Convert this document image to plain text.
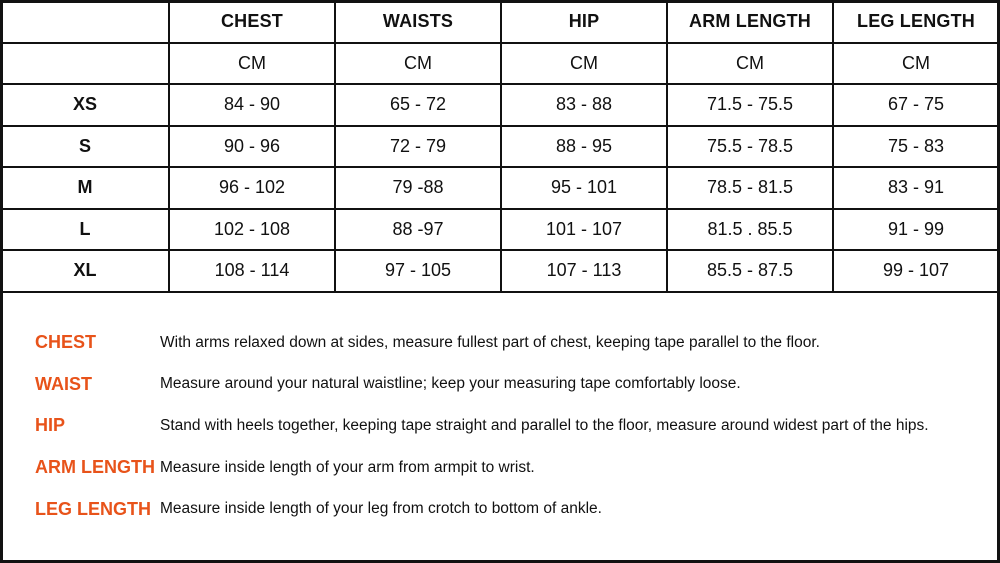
	CHEST	WAISTS	HIP	ARM LENGTH	LEG LENGTH
	CM	CM	CM	CM	CM
XS	84 - 90	65 - 72	83 - 88	71.5 - 75.5	67 - 75
S	90 - 96	72 - 79	88 - 95	75.5 - 78.5	75 - 83
M	96 - 102	79 -88	95 - 101	78.5 - 81.5	83 - 91
L	102 - 108	88 -97	101 - 107	81.5 . 85.5	91 - 99
XL	108 - 114	97 - 105	107 - 113	85.5 - 87.5	99 - 107
CHEST	With arms relaxed down at sides, measure fullest part of chest, keeping tape parallel to the floor.
WAIST	Measure around your natural waistline; keep your measuring tape comfortably loose.
HIP	Stand with heels together, keeping tape straight and parallel to the floor, measure around widest part of the hips.
ARM LENGTH Measure inside length of your arm from armpit to wrist.
LEG LENGTH Measure inside length of your leg from crotch to bottom of ankle.
